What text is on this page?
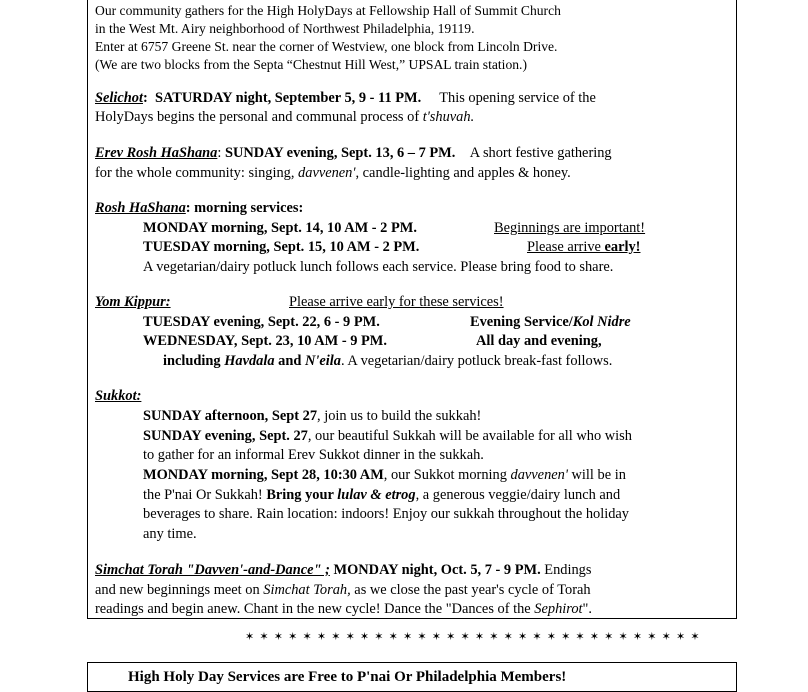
Our community gathers for the High HolyDays at Fellowship Hall of Summit Church
in the West Mt. Airy neighborhood of Northwest Philadelphia, 19119.
Enter at 6757 Greene St. near the corner of Westview, one block from Lincoln Drive.
(We are two blocks from the Septa “Chestnut Hill West,” UPSAL train station.)
Selichot:  SATURDAY night, September 5, 9 - 11 PM. This opening service of the
HolyDays begins the personal and communal process of t'shuvah.
Erev Rosh HaShana: SUNDAY evening, Sept. 13, 6 – 7 PM. A short festive gathering
for the whole community: singing, davvenen', candle-lighting and apples & honey.
Rosh HaShana: morning services:
MONDAY morning, Sept. 14, 10 AM - 2 PM.	Beginnings are important!
TUESDAY morning, Sept. 15, 10 AM - 2 PM.	Please arrive early!
A vegetarian/dairy potluck lunch follows each service. Please bring food to share.
Yom Kippur:	Please arrive early for these services!
TUESDAY evening, Sept. 22, 6 - 9 PM.	Evening Service/Kol Nidre
WEDNESDAY, Sept. 23, 10 AM - 9 PM.	All day and evening,
including Havdala and N'eila. A vegetarian/dairy potluck break-fast follows.
Sukkot:
SUNDAY afternoon, Sept 27, join us to build the sukkah!
SUNDAY evening, Sept. 27, our beautiful Sukkah will be available for all who wish
to gather for an informal Erev Sukkot dinner in the sukkah.
MONDAY morning, Sept 28, 10:30 AM, our Sukkot morning davvenen' will be in
the P'nai Or Sukkah! Bring your lulav & etrog, a generous veggie/dairy lunch and
beverages to share. Rain location: indoors! Enjoy our sukkah throughout the holiday
any time.
Simchat Torah "Davven'-and-Dance" ; MONDAY night, Oct. 5, 7 - 9 PM. Endings
and new beginnings meet on Simchat Torah, as we close the past year's cycle of Torah
readings and begin anew. Chant in the new cycle! Dance the "Dances of the Sephirot".
✶ ✶ ✶ ✶ ✶ ✶ ✶ ✶ ✶ ✶ ✶ ✶ ✶ ✶ ✶ ✶ ✶ ✶ ✶ ✶ ✶ ✶ ✶ ✶ ✶ ✶ ✶ ✶ ✶ ✶ ✶ ✶
High Holy Day Services are Free to P'nai Or Philadelphia Members!
